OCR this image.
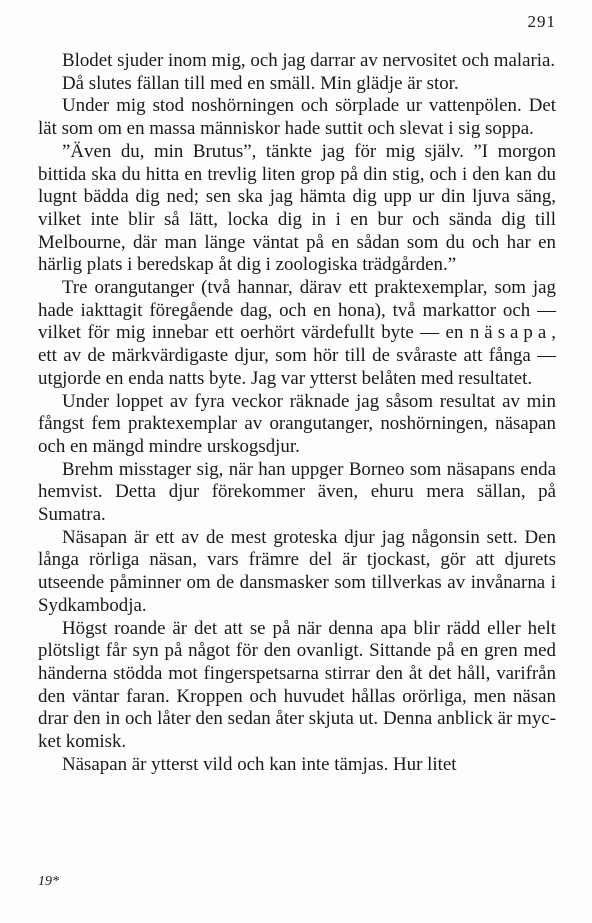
291

Blodet sjuder inom mig, och jag darrar av nervositet och malaria.

Då slutes fällan till med en smäll. Min glädje är stor.

Under mig stod noshörningen och sörplade ur vattenpölen. Det lät som om en massa människor hade suttit och slevat i sig soppa.

”Även du, min Brutus”, tänkte jag för mig själv. ”I morgon bittida ska du hitta en trevlig liten grop på din stig, och i den kan du lugnt bädda dig ned; sen ska jag hämta dig upp ur din ljuva säng, vilket inte blir så lätt, locka dig in i en bur och sända dig till Melbourne, där man länge väntat på en sådan som du och har en härlig plats i beredskap åt dig i zoologiska trädgården.”

Tre orangutanger (två hannar, därav ett praktexemplar, som jag hade iakttagit föregående dag, och en hona), två markattor och — vilket för mig innebar ett oerhört värdefullt byte — en näsapa, ett av de märkvärdigaste djur, som hör till de svåraste att fånga — utgjorde en enda natts byte. Jag var ytterst belåten med resultatet.

Under loppet av fyra veckor räknade jag såsom resultat av min fångst fem praktexemplar av orangutanger, noshörningen, näsapan och en mängd mindre urskogsdjur.

Brehm misstager sig, när han uppger Borneo som näsapans enda hemvist. Detta djur förekommer även, ehuru mera sällan, på Sumatra.

Näsapan är ett av de mest groteska djur jag någonsin sett. Den långa rörliga näsan, vars främre del är tjockast, gör att djurets utseende påminner om de dansmasker som tillverkas av invånarna i Sydkambodja.

Högst roande är det att se på när denna apa blir rädd eller helt plötsligt får syn på något för den ovanligt. Sittande på en gren med händerna stödda mot fingerspetsarna stirrar den åt det håll, varifrån den väntar faran. Kroppen och huvudet hållas orörliga, men näsan drar den in och låter den sedan åter skjuta ut. Denna anblick är mycket komisk.

Näsapan är ytterst vild och kan inte tämjas. Hur litet

19*
